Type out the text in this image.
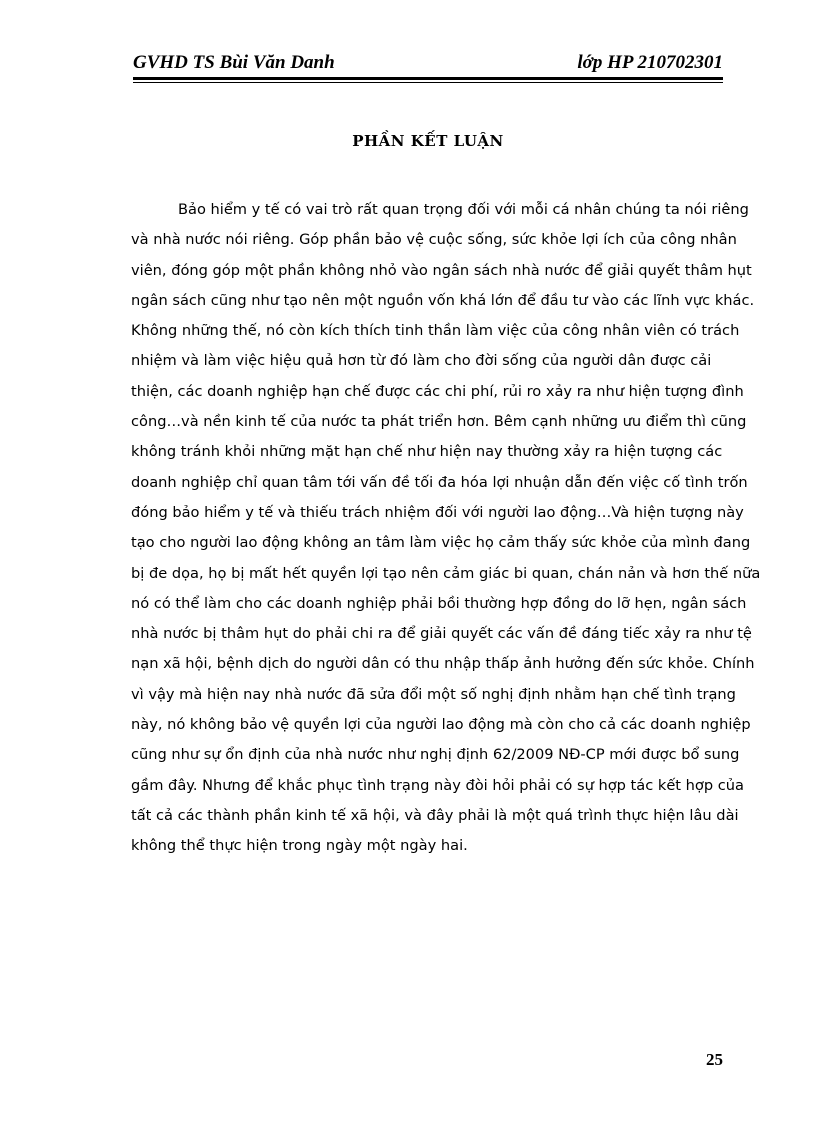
GVHD TS Bùi Văn Danh	lớp HP 210702301
PHẦN KẾT LUẬN

Bảo hiểm y tế có vai trò rất quan trọng đối với mỗi cá nhân chúng ta nói riêng
và nhà nước nói riêng. Góp phần bảo vệ cuộc sống, sức khỏe lợi ích của công nhân
viên, đóng góp một phần không nhỏ vào ngân sách nhà nước để giải quyết thâm hụt
ngân sách cũng như tạo nên một nguồn vốn khá lớn để đầu tư vào các lĩnh vực khác.
Không những thế, nó còn kích thích tinh thần làm việc của công nhân viên có trách
nhiệm và làm việc hiệu quả hơn từ đó làm cho đời sống của người dân được cải
thiện, các doanh nghiệp hạn chế được các chi phí, rủi ro xảy ra như hiện tượng đình
công…và nền kinh tế của nước ta phát triển hơn. Bêm cạnh những ưu điểm thì cũng
không tránh khỏi những mặt hạn chế như hiện nay thường xảy ra hiện tượng các
doanh nghiệp chỉ quan tâm tới vấn đề tối đa hóa lợi nhuận dẫn đến việc cố tình trốn
đóng bảo hiểm y tế và thiếu trách nhiệm đối với người lao động…Và hiện tượng này
tạo cho người lao động không an tâm làm việc họ cảm thấy sức khỏe của mình đang
bị đe dọa, họ bị mất hết quyền lợi tạo nên cảm giác bi quan, chán nản và hơn thế nữa
nó có thể làm cho các doanh nghiệp phải bồi thường hợp đồng do lỡ hẹn, ngân sách
nhà nước bị thâm hụt do phải chi ra để giải quyết các vấn đề đáng tiếc xảy ra như tệ
nạn xã hội, bệnh dịch do người dân có thu nhập thấp ảnh hưởng đến sức khỏe. Chính
vì vậy mà hiện nay nhà nước đã sửa đổi một số nghị định nhằm hạn chế tình trạng
này, nó không bảo vệ quyền lợi của người lao động mà còn cho cả các doanh nghiệp
cũng như sự ổn định của nhà nước như nghị định 62/2009 NĐ-CP mới được bổ sung
gầm đây. Nhưng để khắc phục tình trạng này đòi hỏi phải có sự hợp tác kết hợp của
tất cả các thành phần kinh tế xã hội, và đây phải là một quá trình thực hiện lâu dài
không thể thực hiện trong ngày một ngày hai.

25
